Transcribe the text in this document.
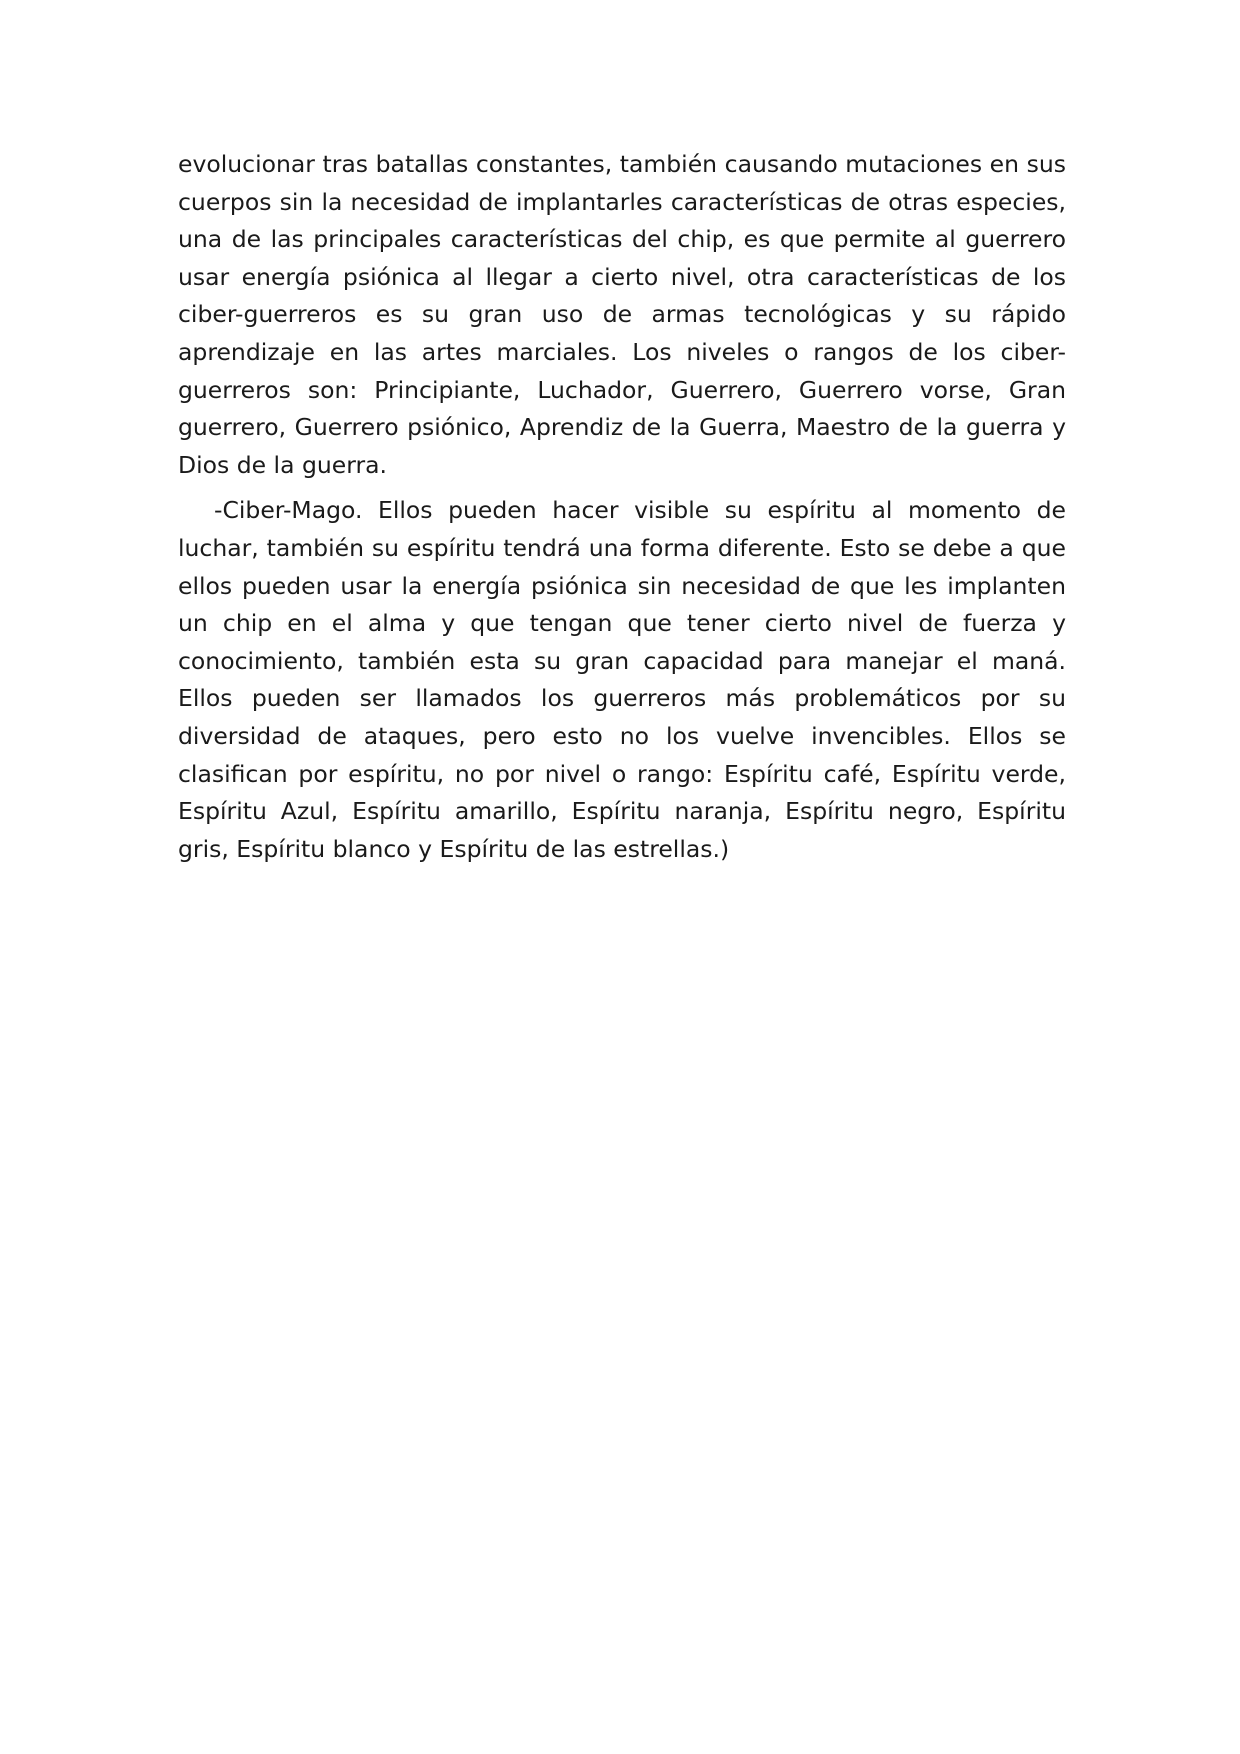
evolucionar tras batallas constantes, también causando mutaciones en sus cuerpos sin la necesidad de implantarles características de otras especies, una de las principales características del chip, es que permite al guerrero usar energía psiónica al llegar a cierto nivel, otra características de los ciber-guerreros es su gran uso de armas tecnológicas y su rápido aprendizaje en las artes marciales. Los niveles o rangos de los ciber-guerreros son: Principiante, Luchador, Guerrero, Guerrero vorse, Gran guerrero, Guerrero psiónico, Aprendiz de la Guerra, Maestro de la guerra y Dios de la guerra.

-Ciber-Mago. Ellos pueden hacer visible su espíritu al momento de luchar, también su espíritu tendrá una forma diferente. Esto se debe a que ellos pueden usar la energía psiónica sin necesidad de que les implanten un chip en el alma y que tengan que tener cierto nivel de fuerza y conocimiento, también esta su gran capacidad para manejar el maná. Ellos pueden ser llamados los guerreros más problemáticos por su diversidad de ataques, pero esto no los vuelve invencibles. Ellos se clasifican por espíritu, no por nivel o rango: Espíritu café, Espíritu verde, Espíritu Azul, Espíritu amarillo, Espíritu naranja, Espíritu negro, Espíritu gris, Espíritu blanco y Espíritu de las estrellas.)
